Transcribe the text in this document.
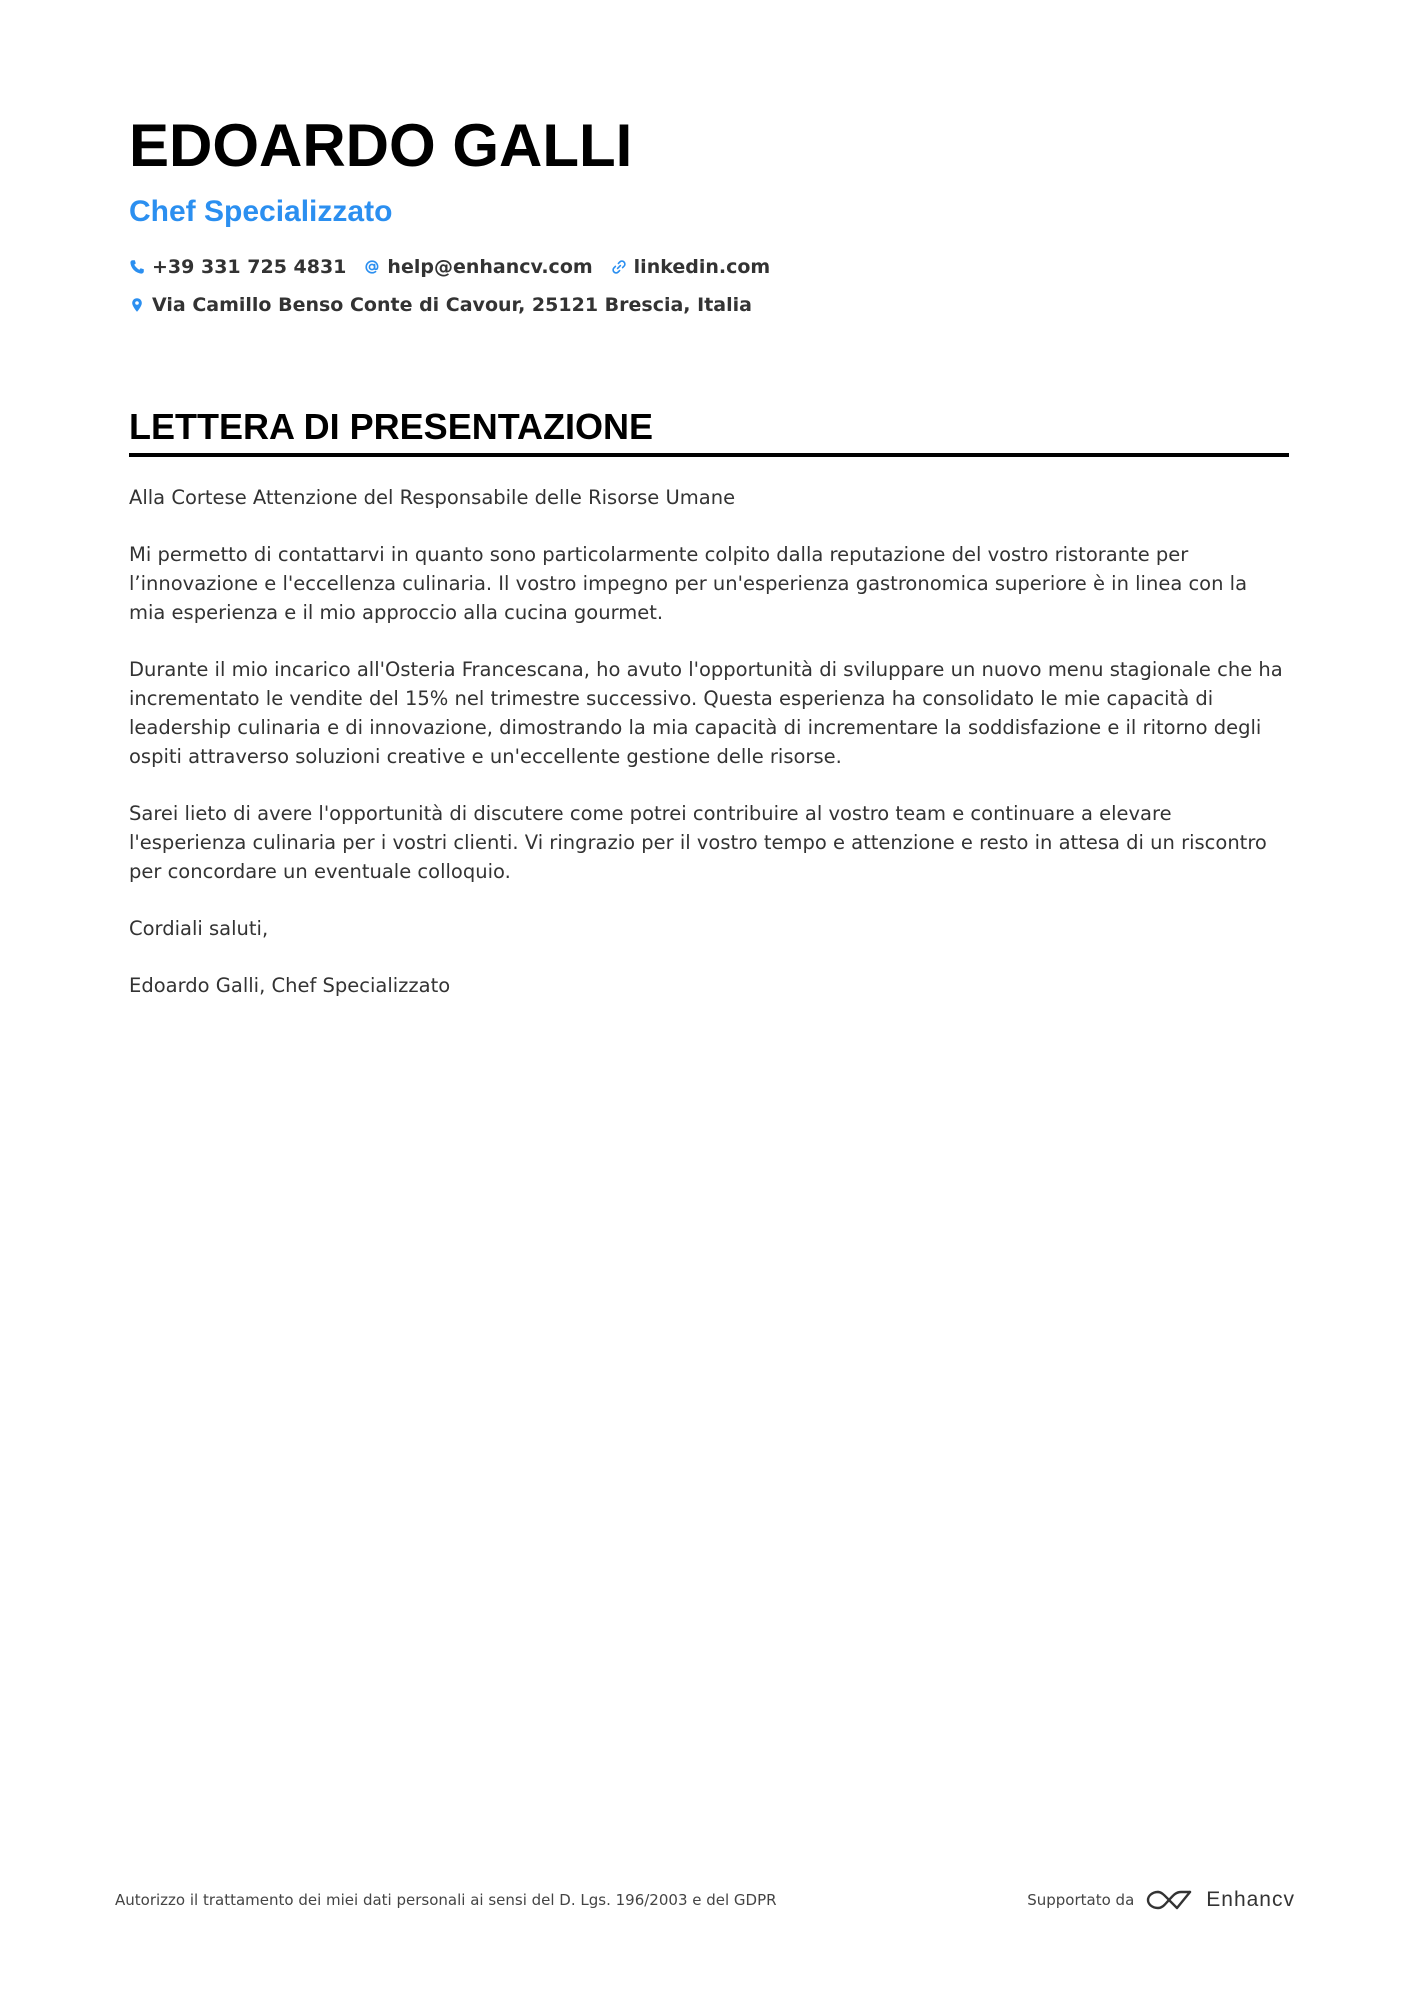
EDOARDO GALLI
Chef Specializzato
+39 331 725 4831 help@enhancv.com linkedin.com
Via Camillo Benso Conte di Cavour, 25121 Brescia, Italia
LETTERA DI PRESENTAZIONE

Alla Cortese Attenzione del Responsabile delle Risorse Umane

Mi permetto di contattarvi in quanto sono particolarmente colpito dalla reputazione del vostro ristorante per l’innovazione e l'eccellenza culinaria. Il vostro impegno per un'esperienza gastronomica superiore è in linea con la mia esperienza e il mio approccio alla cucina gourmet.

Durante il mio incarico all'Osteria Francescana, ho avuto l'opportunità di sviluppare un nuovo menu stagionale che ha incrementato le vendite del 15% nel trimestre successivo. Questa esperienza ha consolidato le mie capacità di leadership culinaria e di innovazione, dimostrando la mia capacità di incrementare la soddisfazione e il ritorno degli ospiti attraverso soluzioni creative e un'eccellente gestione delle risorse.

Sarei lieto di avere l'opportunità di discutere come potrei contribuire al vostro team e continuare a elevare l'esperienza culinaria per i vostri clienti. Vi ringrazio per il vostro tempo e attenzione e resto in attesa di un riscontro per concordare un eventuale colloquio.

Cordiali saluti,

Edoardo Galli, Chef Specializzato

Autorizzo il trattamento dei miei dati personali ai sensi del D. Lgs. 196/2003 e del GDPR	Supportato da	Enhancv
